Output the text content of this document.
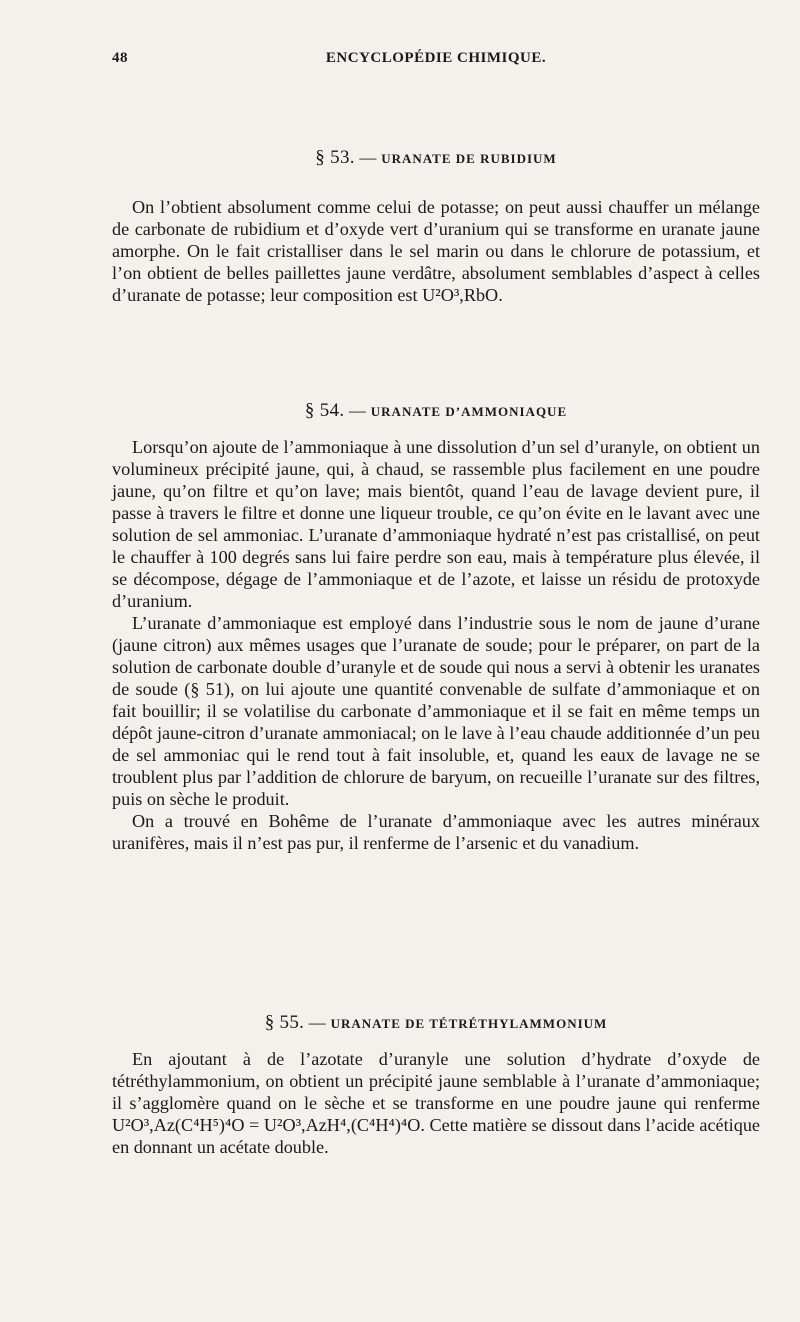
48	ENCYCLOPÉDIE CHIMIQUE.
§ 53. — URANATE DE RUBIDIUM

On l’obtient absolument comme celui de potasse; on peut aussi chauffer un mélange de carbonate de rubidium et d’oxyde vert d’uranium qui se transforme en uranate jaune amorphe. On le fait cristalliser dans le sel marin ou dans le chlorure de potassium, et l’on obtient de belles paillettes jaune verdâtre, absolument semblables d’aspect à celles d’uranate de potasse; leur composition est U²O³,RbO.

§ 54. — URANATE D’AMMONIAQUE

Lorsqu’on ajoute de l’ammoniaque à une dissolution d’un sel d’uranyle, on obtient un volumineux précipité jaune, qui, à chaud, se rassemble plus facilement en une poudre jaune, qu’on filtre et qu’on lave; mais bientôt, quand l’eau de lavage devient pure, il passe à travers le filtre et donne une liqueur trouble, ce qu’on évite en le lavant avec une solution de sel ammoniac. L’uranate d’ammoniaque hydraté n’est pas cristallisé, on peut le chauffer à 100 degrés sans lui faire perdre son eau, mais à température plus élevée, il se décompose, dégage de l’ammoniaque et de l’azote, et laisse un résidu de protoxyde d’uranium.

L’uranate d’ammoniaque est employé dans l’industrie sous le nom de jaune d’urane (jaune citron) aux mêmes usages que l’uranate de soude; pour le préparer, on part de la solution de carbonate double d’uranyle et de soude qui nous a servi à obtenir les uranates de soude (§ 51), on lui ajoute une quantité convenable de sulfate d’ammoniaque et on fait bouillir; il se volatilise du carbonate d’ammoniaque et il se fait en même temps un dépôt jaune-citron d’uranate ammoniacal; on le lave à l’eau chaude additionnée d’un peu de sel ammoniac qui le rend tout à fait insoluble, et, quand les eaux de lavage ne se troublent plus par l’addition de chlorure de baryum, on recueille l’uranate sur des filtres, puis on sèche le produit.

On a trouvé en Bohême de l’uranate d’ammoniaque avec les autres minéraux uranifères, mais il n’est pas pur, il renferme de l’arsenic et du vanadium.

§ 55. — URANATE DE TÉTRÉTHYLAMMONIUM

En ajoutant à de l’azotate d’uranyle une solution d’hydrate d’oxyde de tétréthylammonium, on obtient un précipité jaune semblable à l’uranate d’ammoniaque; il s’agglomère quand on le sèche et se transforme en une poudre jaune qui renferme U²O³,Az(C⁴H⁵)⁴O = U²O³,AzH⁴,(C⁴H⁴)⁴O. Cette matière se dissout dans l’acide acétique en donnant un acétate double.
